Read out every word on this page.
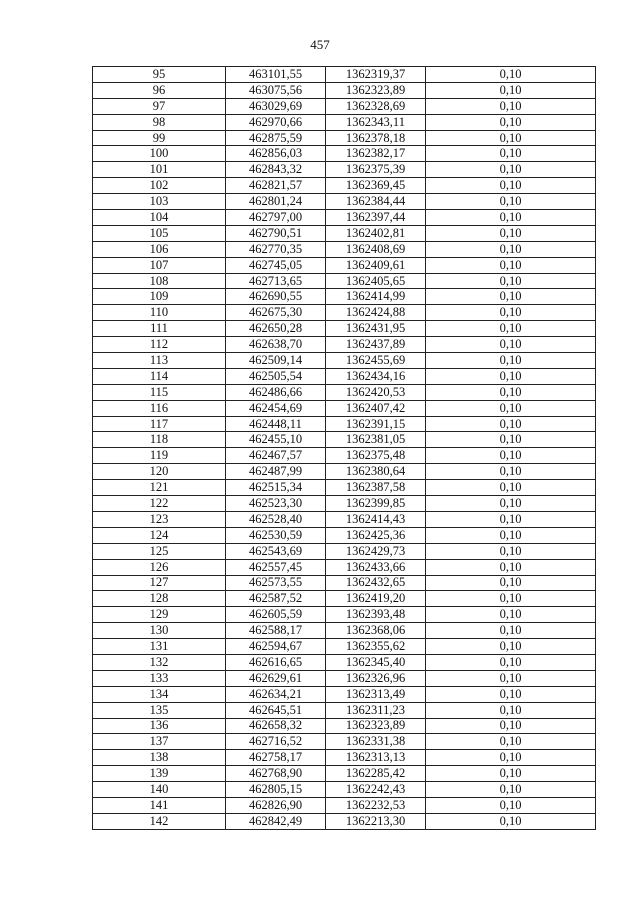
457
95	463101,55	1362319,37	0,10
96	463075,56	1362323,89	0,10
97	463029,69	1362328,69	0,10
98	462970,66	1362343,11	0,10
99	462875,59	1362378,18	0,10
100	462856,03	1362382,17	0,10
101	462843,32	1362375,39	0,10
102	462821,57	1362369,45	0,10
103	462801,24	1362384,44	0,10
104	462797,00	1362397,44	0,10
105	462790,51	1362402,81	0,10
106	462770,35	1362408,69	0,10
107	462745,05	1362409,61	0,10
108	462713,65	1362405,65	0,10
109	462690,55	1362414,99	0,10
110	462675,30	1362424,88	0,10
111	462650,28	1362431,95	0,10
112	462638,70	1362437,89	0,10
113	462509,14	1362455,69	0,10
114	462505,54	1362434,16	0,10
115	462486,66	1362420,53	0,10
116	462454,69	1362407,42	0,10
117	462448,11	1362391,15	0,10
118	462455,10	1362381,05	0,10
119	462467,57	1362375,48	0,10
120	462487,99	1362380,64	0,10
121	462515,34	1362387,58	0,10
122	462523,30	1362399,85	0,10
123	462528,40	1362414,43	0,10
124	462530,59	1362425,36	0,10
125	462543,69	1362429,73	0,10
126	462557,45	1362433,66	0,10
127	462573,55	1362432,65	0,10
128	462587,52	1362419,20	0,10
129	462605,59	1362393,48	0,10
130	462588,17	1362368,06	0,10
131	462594,67	1362355,62	0,10
132	462616,65	1362345,40	0,10
133	462629,61	1362326,96	0,10
134	462634,21	1362313,49	0,10
135	462645,51	1362311,23	0,10
136	462658,32	1362323,89	0,10
137	462716,52	1362331,38	0,10
138	462758,17	1362313,13	0,10
139	462768,90	1362285,42	0,10
140	462805,15	1362242,43	0,10
141	462826,90	1362232,53	0,10
142	462842,49	1362213,30	0,10
